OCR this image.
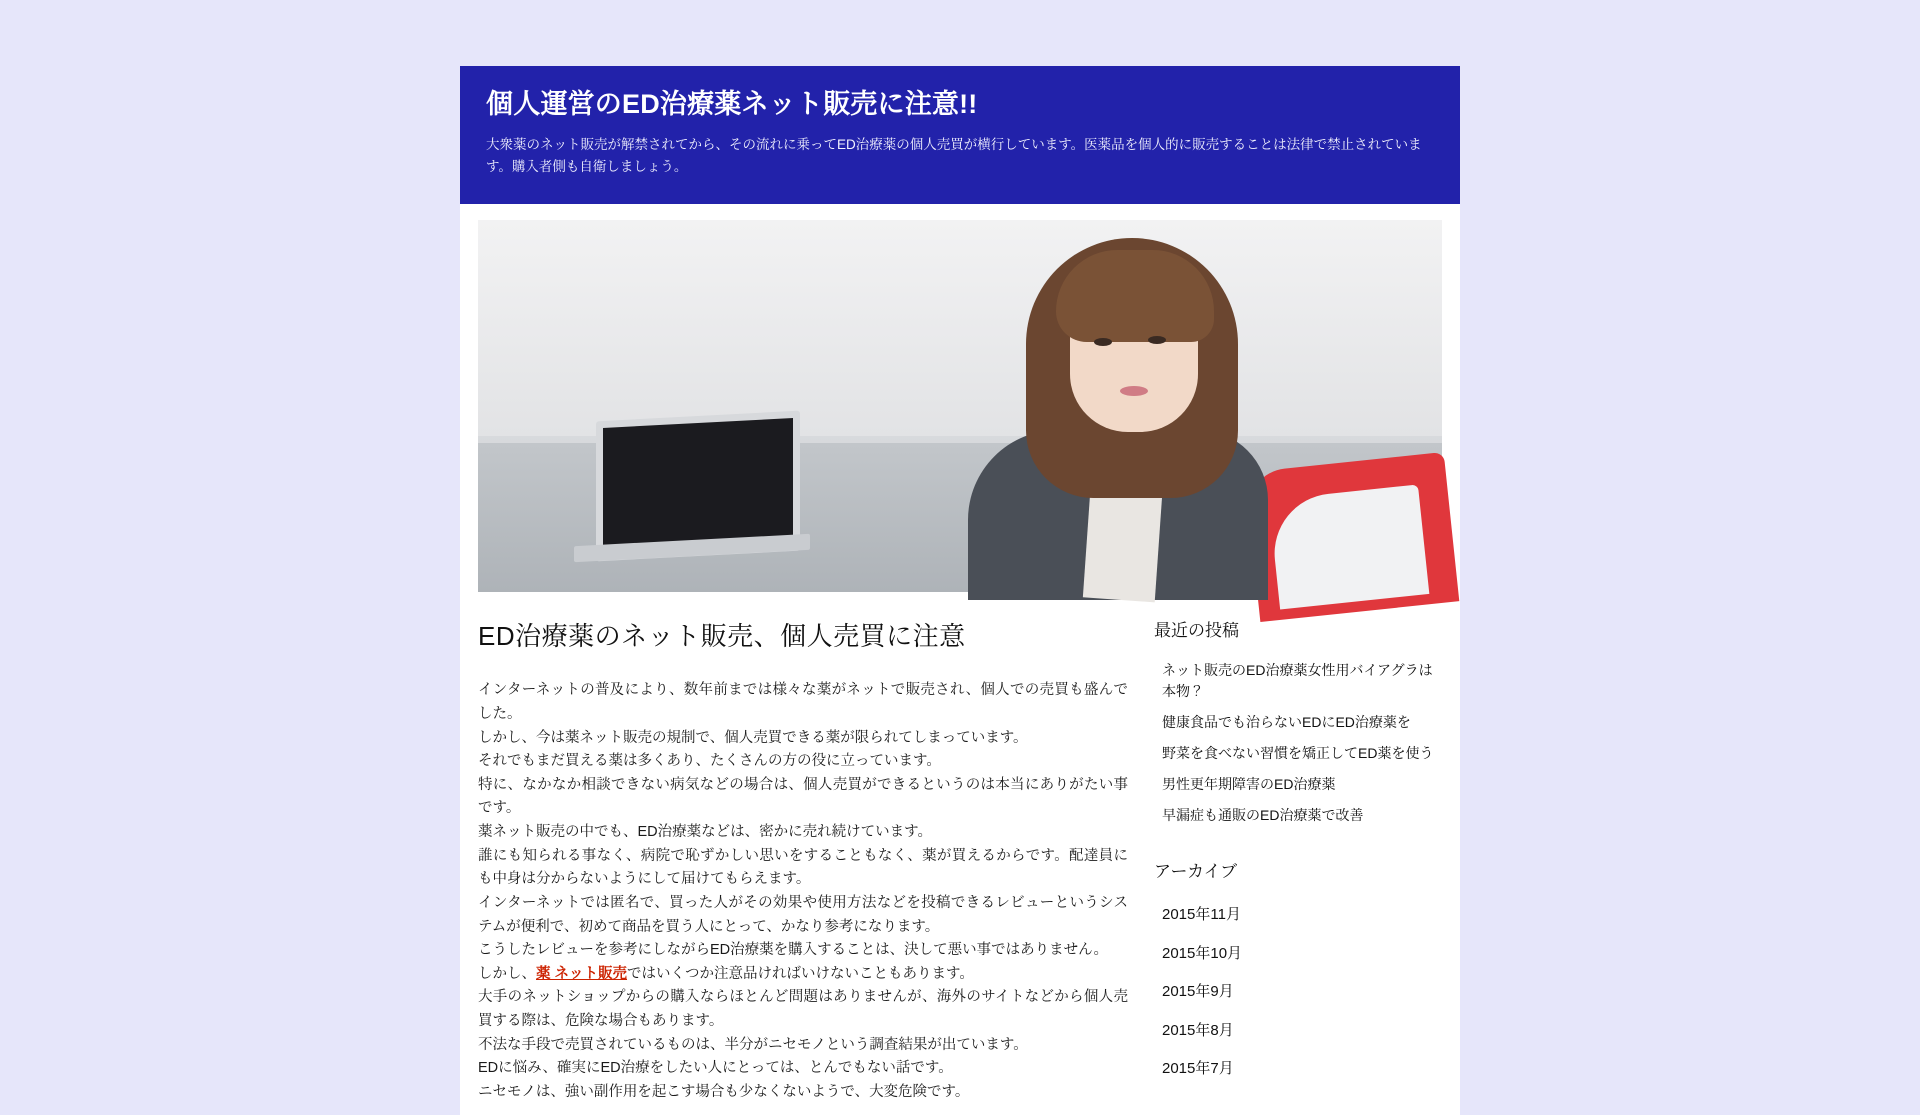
個人運営のED治療薬ネット販売に注意!!

大衆薬のネット販売が解禁されてから、その流れに乗ってED治療薬の個人売買が横行しています。医薬品を個人的に販売することは法律で禁止されています。購入者側も自衛しましょう。

ED治療薬のネット販売、個人売買に注意

インターネットの普及により、数年前までは様々な薬がネットで販売され、個人での売買も盛んでした。

しかし、今は薬ネット販売の規制で、個人売買できる薬が限られてしまっています。

それでもまだ買える薬は多くあり、たくさんの方の役に立っています。

特に、なかなか相談できない病気などの場合は、個人売買ができるというのは本当にありがたい事です。

薬ネット販売の中でも、ED治療薬などは、密かに売れ続けています。

誰にも知られる事なく、病院で恥ずかしい思いをすることもなく、薬が買えるからです。配達員にも中身は分からないようにして届けてもらえます。

インターネットでは匿名で、買った人がその効果や使用方法などを投稿できるレビューというシステムが便利で、初めて商品を買う人にとって、かなり参考になります。

こうしたレビューを参考にしながらED治療薬を購入することは、決して悪い事ではありません。

しかし、薬 ネット販売ではいくつか注意品ければいけないこともあります。

大手のネットショップからの購入ならほとんど問題はありませんが、海外のサイトなどから個人売買する際は、危険な場合もあります。

不法な手段で売買されているものは、半分がニセモノという調査結果が出ています。

EDに悩み、確実にED治療をしたい人にとっては、とんでもない話です。

ニセモノは、強い副作用を起こす場合も少なくないようで、大変危険です。

最近の投稿
ネット販売のED治療薬女性用バイアグラは本物？
健康食品でも治らないEDにED治療薬を
野菜を食べない習慣を矯正してED薬を使う
男性更年期障害のED治療薬
早漏症も通販のED治療薬で改善
アーカイブ
2015年11月
2015年10月
2015年9月
2015年8月
2015年7月
